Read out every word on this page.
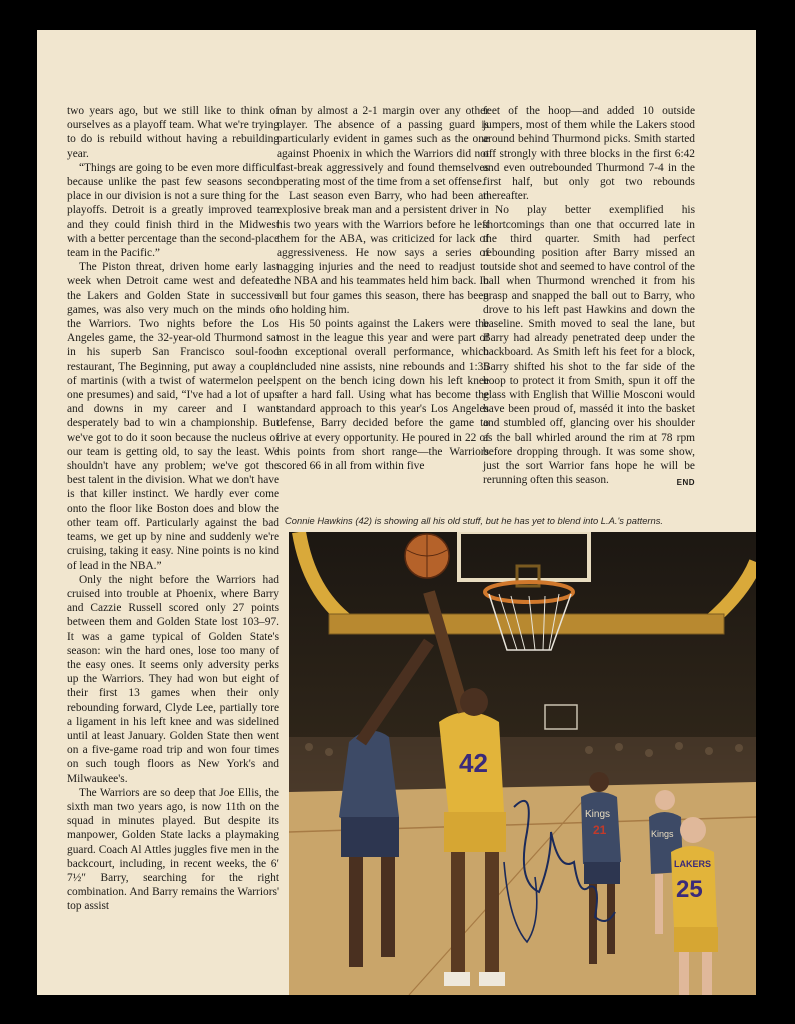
two years ago, but we still like to think of ourselves as a playoff team. What we're trying to do is rebuild without having a rebuilding year.

“Things are going to be even more difficult because unlike the past few seasons second place in our division is not a sure thing for the playoffs. Detroit is a greatly improved team and they could finish third in the Midwest with a better percentage than the second-place team in the Pacific.”

The Piston threat, driven home early last week when Detroit came west and defeated the Lakers and Golden State in successive games, was also very much on the minds of the Warriors. Two nights before the Los Angeles game, the 32-year-old Thurmond sat in his superb San Francisco soul-food restaurant, The Beginning, put away a couple of martinis (with a twist of watermelon peel, one presumes) and said, “I've had a lot of ups and downs in my career and I want desperately bad to win a championship. But we've got to do it soon because the nucleus of our team is getting old, to say the least. We shouldn't have any problem; we've got the best talent in the division. What we don't have is that killer instinct. We hardly ever come onto the floor like Boston does and blow the other team off. Particularly against the bad teams, we get up by nine and suddenly we're cruising, taking it easy. Nine points is no kind of lead in the NBA.”

Only the night before the Warriors had cruised into trouble at Phoenix, where Barry and Cazzie Russell scored only 27 points between them and Golden State lost 103–97. It was a game typical of Golden State's season: win the hard ones, lose too many of the easy ones. It seems only adversity perks up the Warriors. They had won but eight of their first 13 games when their only rebounding forward, Clyde Lee, partially tore a ligament in his left knee and was sidelined until at least January. Golden State then went on a five-game road trip and won four times on such tough floors as New York's and Milwaukee's.

The Warriors are so deep that Joe Ellis, the sixth man two years ago, is now 11th on the squad in minutes played. But despite its manpower, Golden State lacks a playmaking guard. Coach Al Attles juggles five men in the backcourt, including, in recent weeks, the 6′ 7½″ Barry, searching for the right combination. And Barry remains the Warriors' top assist

man by almost a 2-1 margin over any other player. The absence of a passing guard is particularly evident in games such as the one against Phoenix in which the Warriors did not fast-break aggressively and found themselves operating most of the time from a set offense.

Last season even Barry, who had been an explosive break man and a persistent driver in his two years with the Warriors before he left them for the ABA, was criticized for lack of aggressiveness. He now says a series of nagging injuries and the need to readjust to the NBA and his teammates held him back. In all but four games this season, there has been no holding him.

His 50 points against the Lakers were the most in the league this year and were part of an exceptional overall performance, which included nine assists, nine rebounds and 1:35 spent on the bench icing down his left knee after a hard fall. Using what has become the standard approach to this year's Los Angeles defense, Barry decided before the game to drive at every opportunity. He poured in 22 of his points from short range—the Warriors scored 66 in all from within five

feet of the hoop—and added 10 outside jumpers, most of them while the Lakers stood around behind Thurmond picks. Smith started off strongly with three blocks in the first 6:42 and even outrebounded Thurmond 7-4 in the first half, but only got two rebounds thereafter.

No play better exemplified his shortcomings than one that occurred late in the third quarter. Smith had perfect rebounding position after Barry missed an outside shot and seemed to have control of the ball when Thurmond wrenched it from his grasp and snapped the ball out to Barry, who drove to his left past Hawkins and down the baseline. Smith moved to seal the lane, but Barry had already penetrated deep under the backboard. As Smith left his feet for a block, Barry shifted his shot to the far side of the hoop to protect it from Smith, spun it off the glass with English that Willie Mosconi would have been proud of, masséd it into the basket and stumbled off, glancing over his shoulder as the ball whirled around the rim at 78 rpm before dropping through. It was some show, just the sort Warrior fans hope he will be rerunning often this season.	END

Connie Hawkins (42) is showing all his old stuff, but he has yet to blend into L.A.'s patterns.
42
Kings
21	Kings
LAKERS
25
